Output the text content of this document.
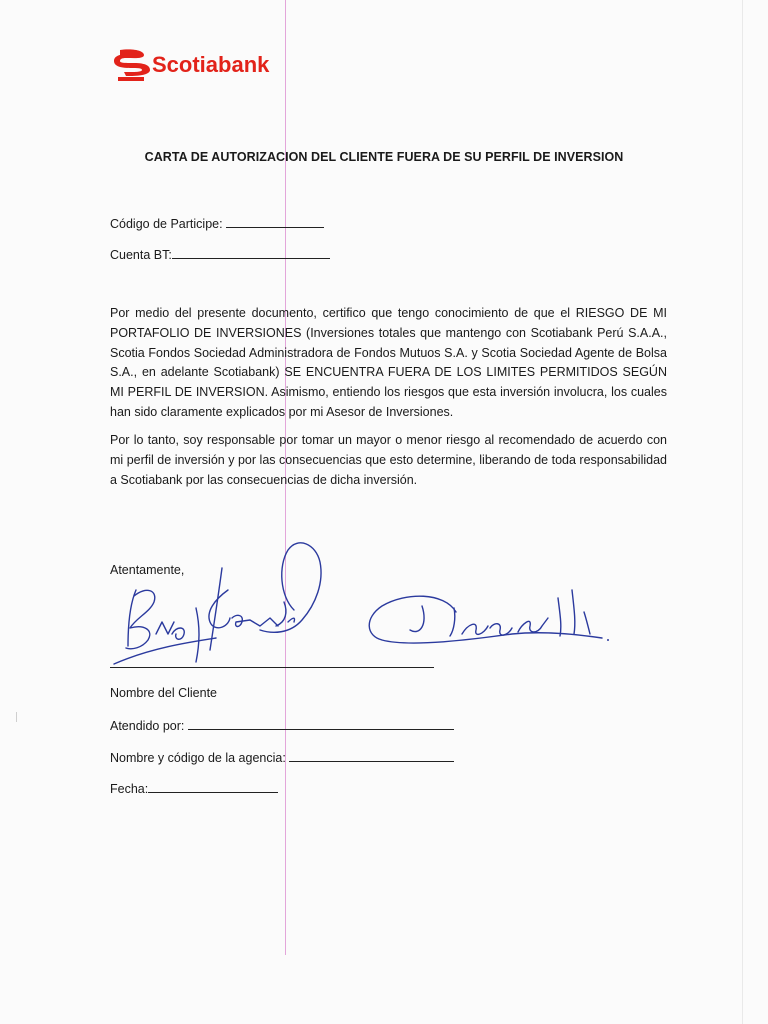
Scotiabank
CARTA DE AUTORIZACION DEL CLIENTE FUERA DE SU PERFIL DE INVERSION
Código de Participe:
Cuenta BT:

Por medio del presente documento, certifico que tengo conocimiento de que el RIESGO DE MI PORTAFOLIO DE INVERSIONES (Inversiones totales que mantengo con Scotiabank Perú S.A.A., Scotia Fondos Sociedad Administradora de Fondos Mutuos S.A. y Scotia Sociedad Agente de Bolsa S.A., en adelante Scotiabank) SE ENCUENTRA FUERA DE LOS LIMITES PERMITIDOS SEGÚN MI PERFIL DE INVERSION. Asimismo, entiendo los riesgos que esta inversión involucra, los cuales han sido claramente explicados por mi Asesor de Inversiones.

Por lo tanto, soy responsable por tomar un mayor o menor riesgo al recomendado de acuerdo con mi perfil de inversión y por las consecuencias que esto determine, liberando de toda responsabilidad a Scotiabank por las consecuencias de dicha inversión.

Atentamente,
Nombre del Cliente
Atendido por:
Nombre y código de la agencia:
Fecha:
